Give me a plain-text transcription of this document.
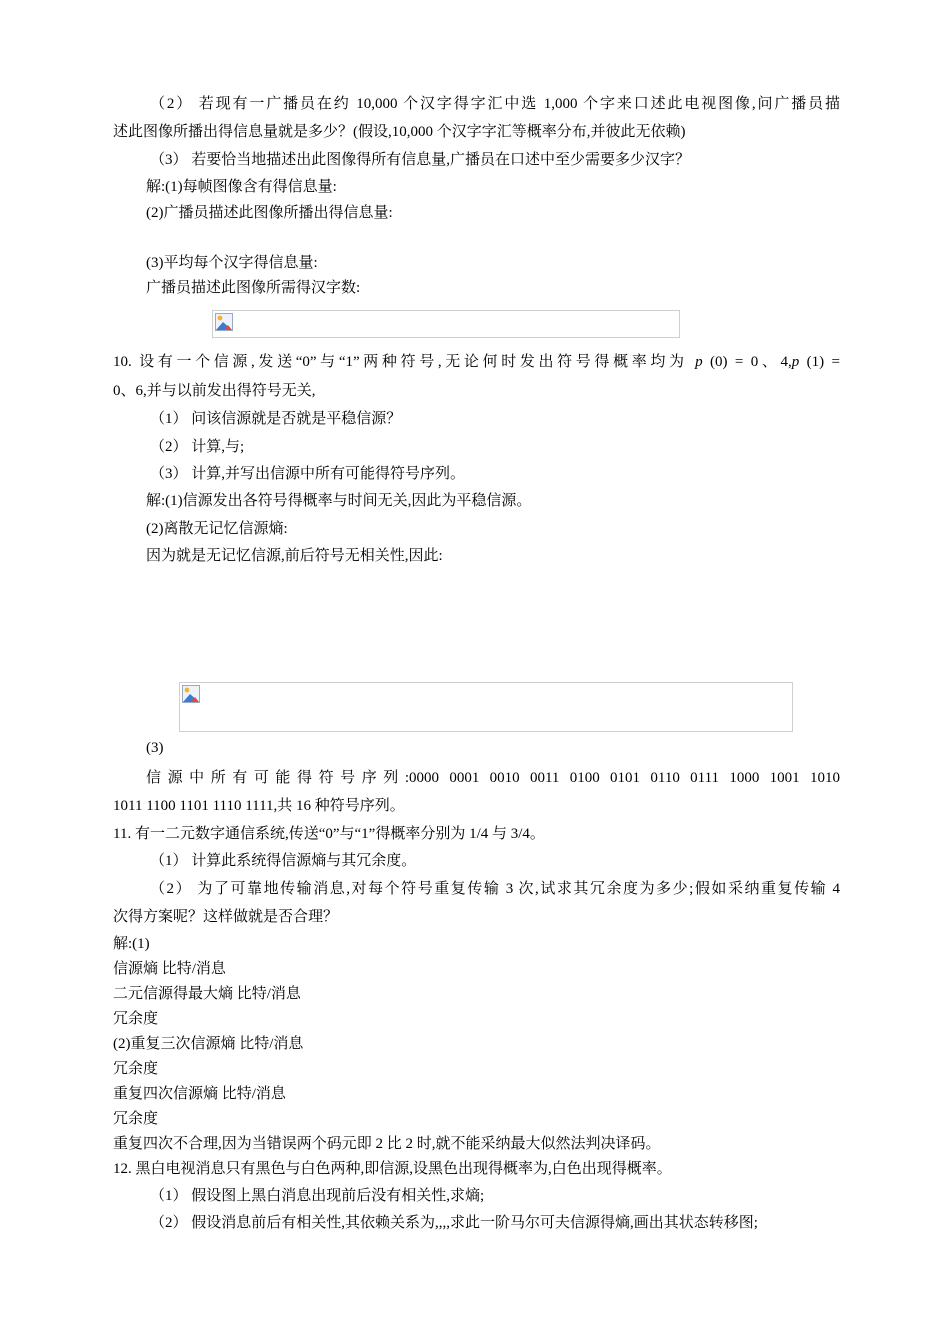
（2） 若现有一广播员在约 10,000 个汉字得字汇中选 1,000 个字来口述此电视图像,问广播员描
述此图像所播出得信息量就是多少？(假设,10,000 个汉字字汇等概率分布,并彼此无依赖)
（3） 若要恰当地描述出此图像得所有信息量,广播员在口述中至少需要多少汉字？
解:(1)每帧图像含有得信息量:
(2)广播员描述此图像所播出得信息量:
(3)平均每个汉字得信息量:
广播员描述此图像所需得汉字数:
10. 设有一个信源,发送“0”与“1”两种符号,无论何时发出符号得概率均为 p (0) = 0、4,p (1) =
0、6,并与以前发出得符号无关,
（1） 问该信源就是否就是平稳信源？
（2） 计算,与;
（3） 计算,并写出信源中所有可能得符号序列。
解:(1)信源发出各符号得概率与时间无关,因此为平稳信源。
(2)离散无记忆信源熵:
因为就是无记忆信源,前后符号无相关性,因此:
(3)
信源中所有可能得符号序列:0000 0001 0010 0011 0100 0101 0110 0111 1000 1001 1010
1011 1100 1101 1110 1111,共 16 种符号序列。
11. 有一二元数字通信系统,传送“0”与“1”得概率分别为 1/4 与 3/4。
（1） 计算此系统得信源熵与其冗余度。
（2） 为了可靠地传输消息,对每个符号重复传输 3 次,试求其冗余度为多少;假如采纳重复传输 4
次得方案呢？这样做就是否合理？
解:(1)
信源熵 比特/消息
二元信源得最大熵 比特/消息
冗余度
(2)重复三次信源熵 比特/消息
冗余度
重复四次信源熵 比特/消息
冗余度
重复四次不合理,因为当错误两个码元即 2 比 2 时,就不能采纳最大似然法判决译码。
12. 黑白电视消息只有黑色与白色两种,即信源,设黑色出现得概率为,白色出现得概率。
（1） 假设图上黑白消息出现前后没有相关性,求熵;
（2） 假设消息前后有相关性,其依赖关系为,,,,求此一阶马尔可夫信源得熵,画出其状态转移图;
